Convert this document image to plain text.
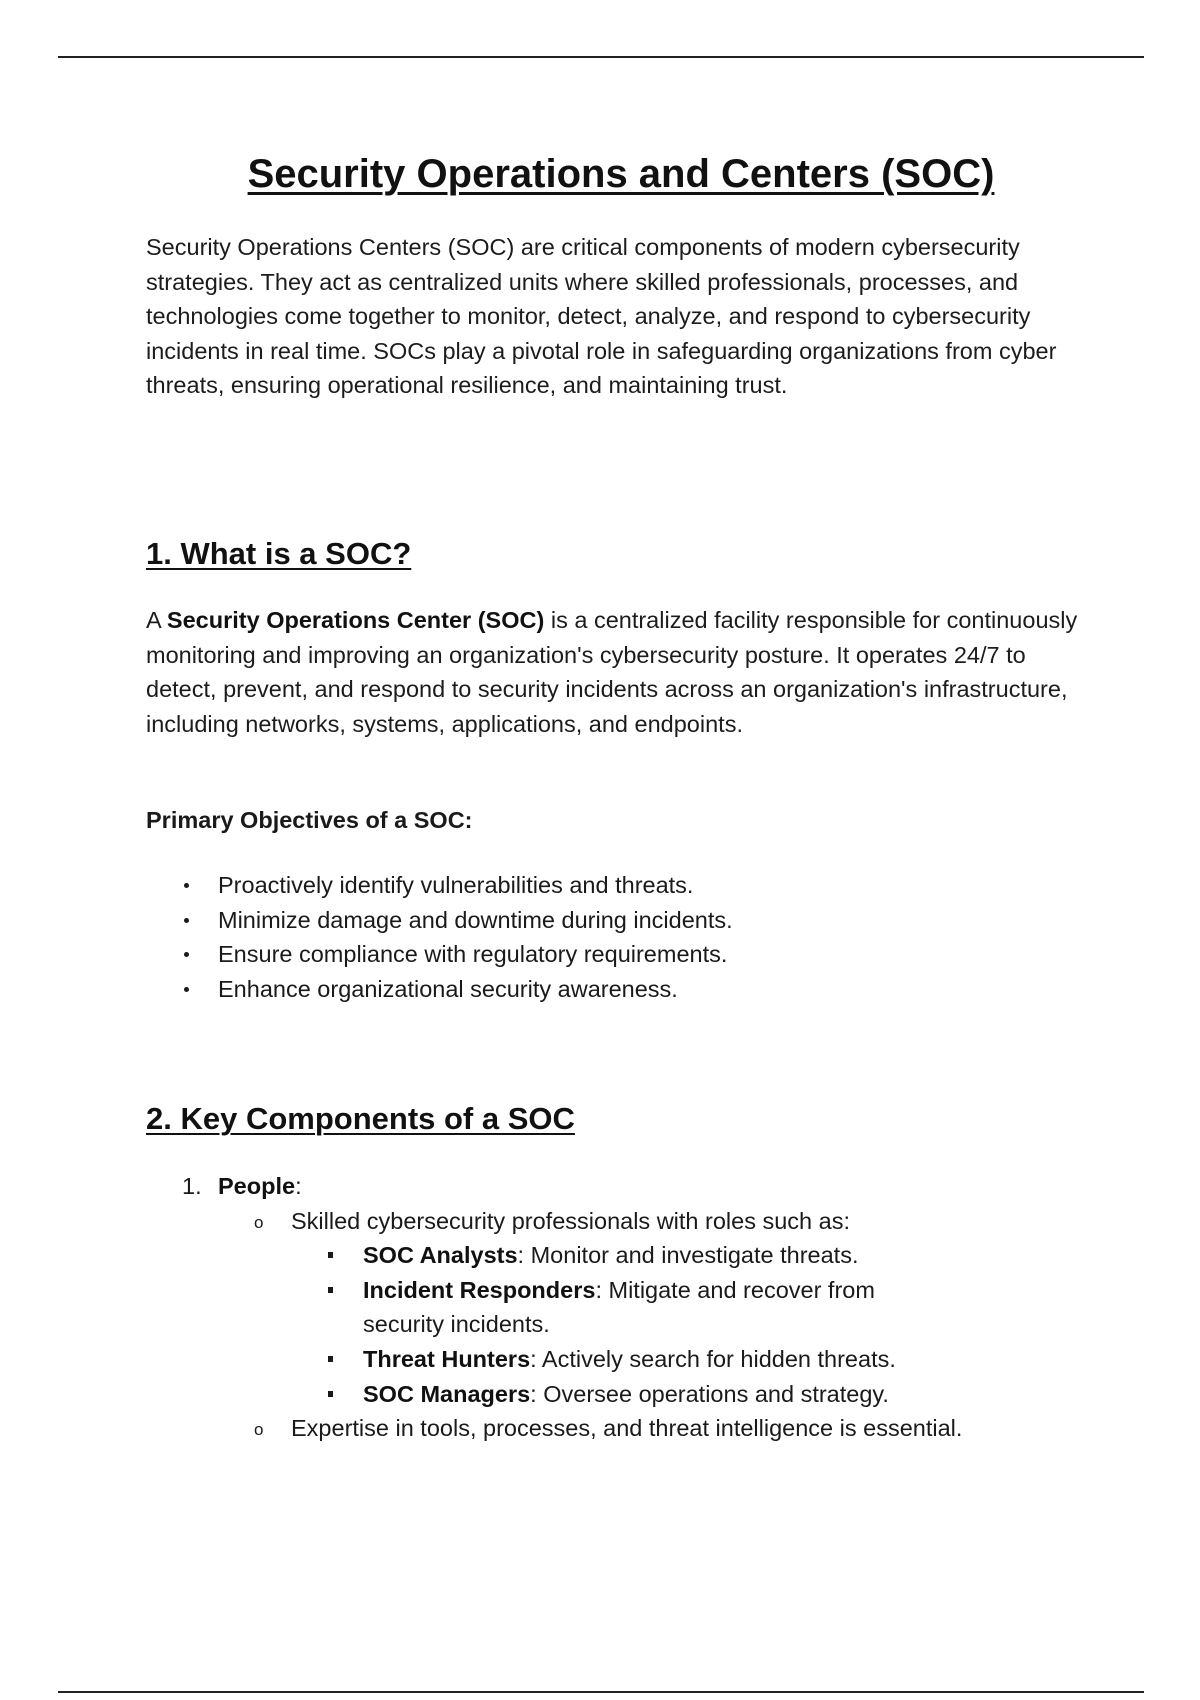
Security Operations and Centers (SOC)

Security Operations Centers (SOC) are critical components of modern cybersecurity strategies. They act as centralized units where skilled professionals, processes, and technologies come together to monitor, detect, analyze, and respond to cybersecurity incidents in real time. SOCs play a pivotal role in safeguarding organizations from cyber threats, ensuring operational resilience, and maintaining trust.

1. What is a SOC?

A Security Operations Center (SOC) is a centralized facility responsible for continuously monitoring and improving an organization's cybersecurity posture. It operates 24/7 to detect, prevent, and respond to security incidents across an organization's infrastructure, including networks, systems, applications, and endpoints.

Primary Objectives of a SOC:

Proactively identify vulnerabilities and threats.
Minimize damage and downtime during incidents.
Ensure compliance with regulatory requirements.
Enhance organizational security awareness.
2. Key Components of a SOC
1. People:
o Skilled cybersecurity professionals with roles such as:
SOC Analysts: Monitor and investigate threats.
Incident Responders: Mitigate and recover from security incidents.
Threat Hunters: Actively search for hidden threats.
SOC Managers: Oversee operations and strategy.
o Expertise in tools, processes, and threat intelligence is essential.
